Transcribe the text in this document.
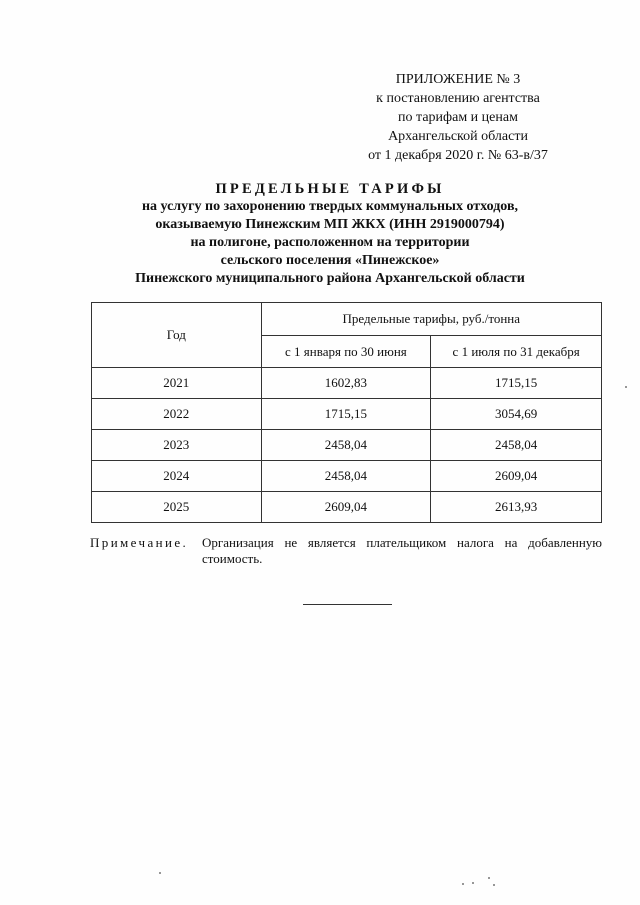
ПРИЛОЖЕНИЕ № 3
к постановлению агентства
по тарифам и ценам
Архангельской области
от 1 декабря 2020 г. № 63-в/37
ПРЕДЕЛЬНЫЕ ТАРИФЫ
на услугу по захоронению твердых коммунальных отходов,
оказываемую Пинежским МП ЖКХ (ИНН 2919000794)
на полигоне, расположенном на территории
сельского поселения «Пинежское»
Пинежского муниципального района Архангельской области
Год	Предельные тарифы, руб./тонна	
	с 1 января по 30 июня	с 1 июля по 31 декабря
2021	1602,83	1715,15
2022	1715,15	3054,69
2023	2458,04	2458,04
2024	2458,04	2609,04
2025	2609,04	2613,93
Примечание. Организация не является плательщиком налога на добавленную стоимость.
